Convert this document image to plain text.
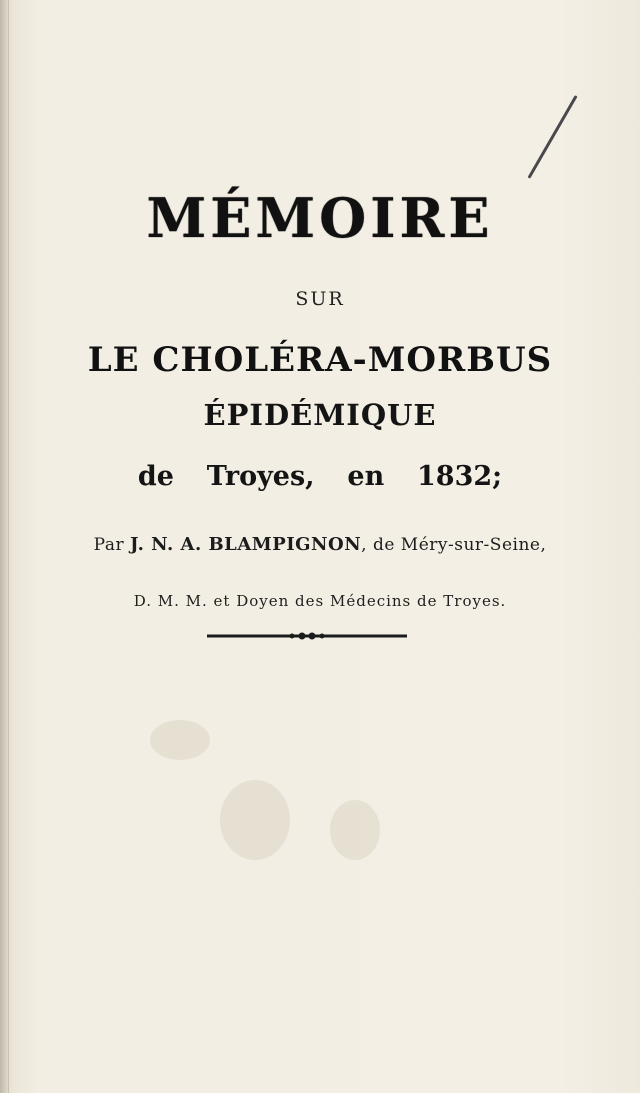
MÉMOIRE
SUR
LE CHOLÉRA-MORBUS
ÉPIDÉMIQUE
de Troyes, en 1832;
Par J. N. A. BLAMPIGNON, de Méry-sur-Seine,
D. M. M. et Doyen des Médecins de Troyes.
